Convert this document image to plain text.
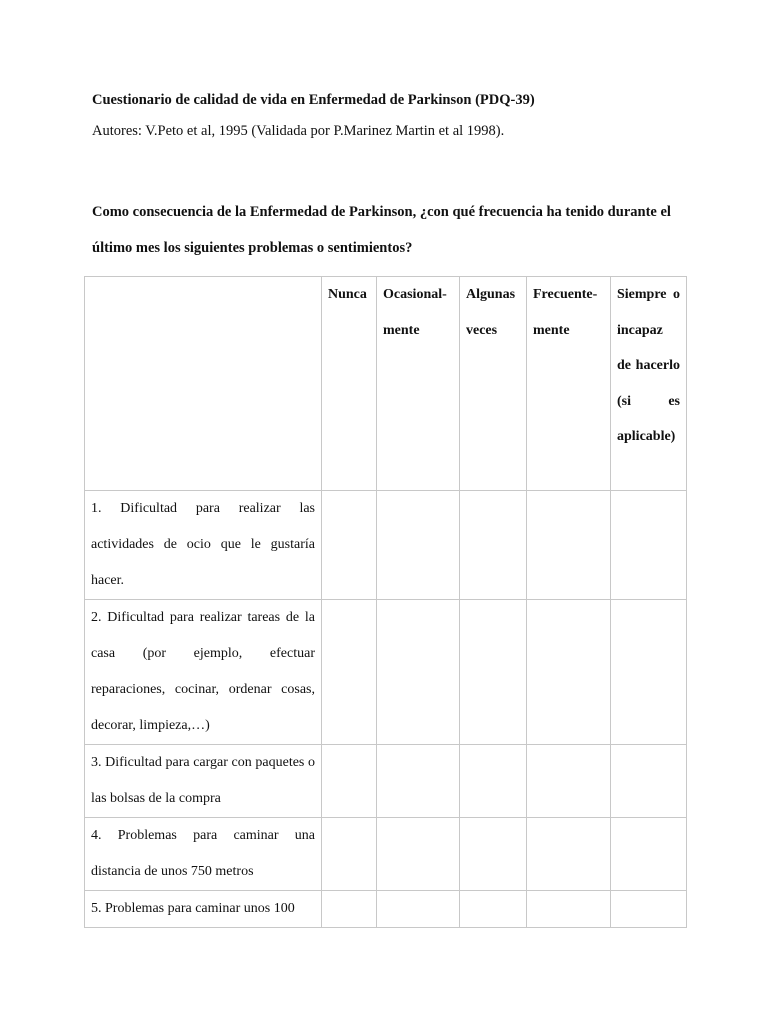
Cuestionario de calidad de vida en Enfermedad de Parkinson (PDQ-39)
Autores: V.Peto et al, 1995 (Validada por P.Marinez Martin et al 1998).
Como consecuencia de la Enfermedad de Parkinson, ¿con qué frecuencia ha tenido durante el último mes los siguientes problemas o sentimientos?
	Nunca	Ocasional- mente	Algunas veces	Frecuente- mente	Siempre o incapaz de hacerlo (si es aplicable)
1. Dificultad para realizar las actividades de ocio que le gustaría hacer.					
2. Dificultad para realizar tareas de la casa (por ejemplo, efectuar reparaciones, cocinar, ordenar cosas, decorar, limpieza,…)					
3. Dificultad para cargar con paquetes o las bolsas de la compra					
4. Problemas para caminar una distancia de unos 750 metros					
5. Problemas para caminar unos 100					
